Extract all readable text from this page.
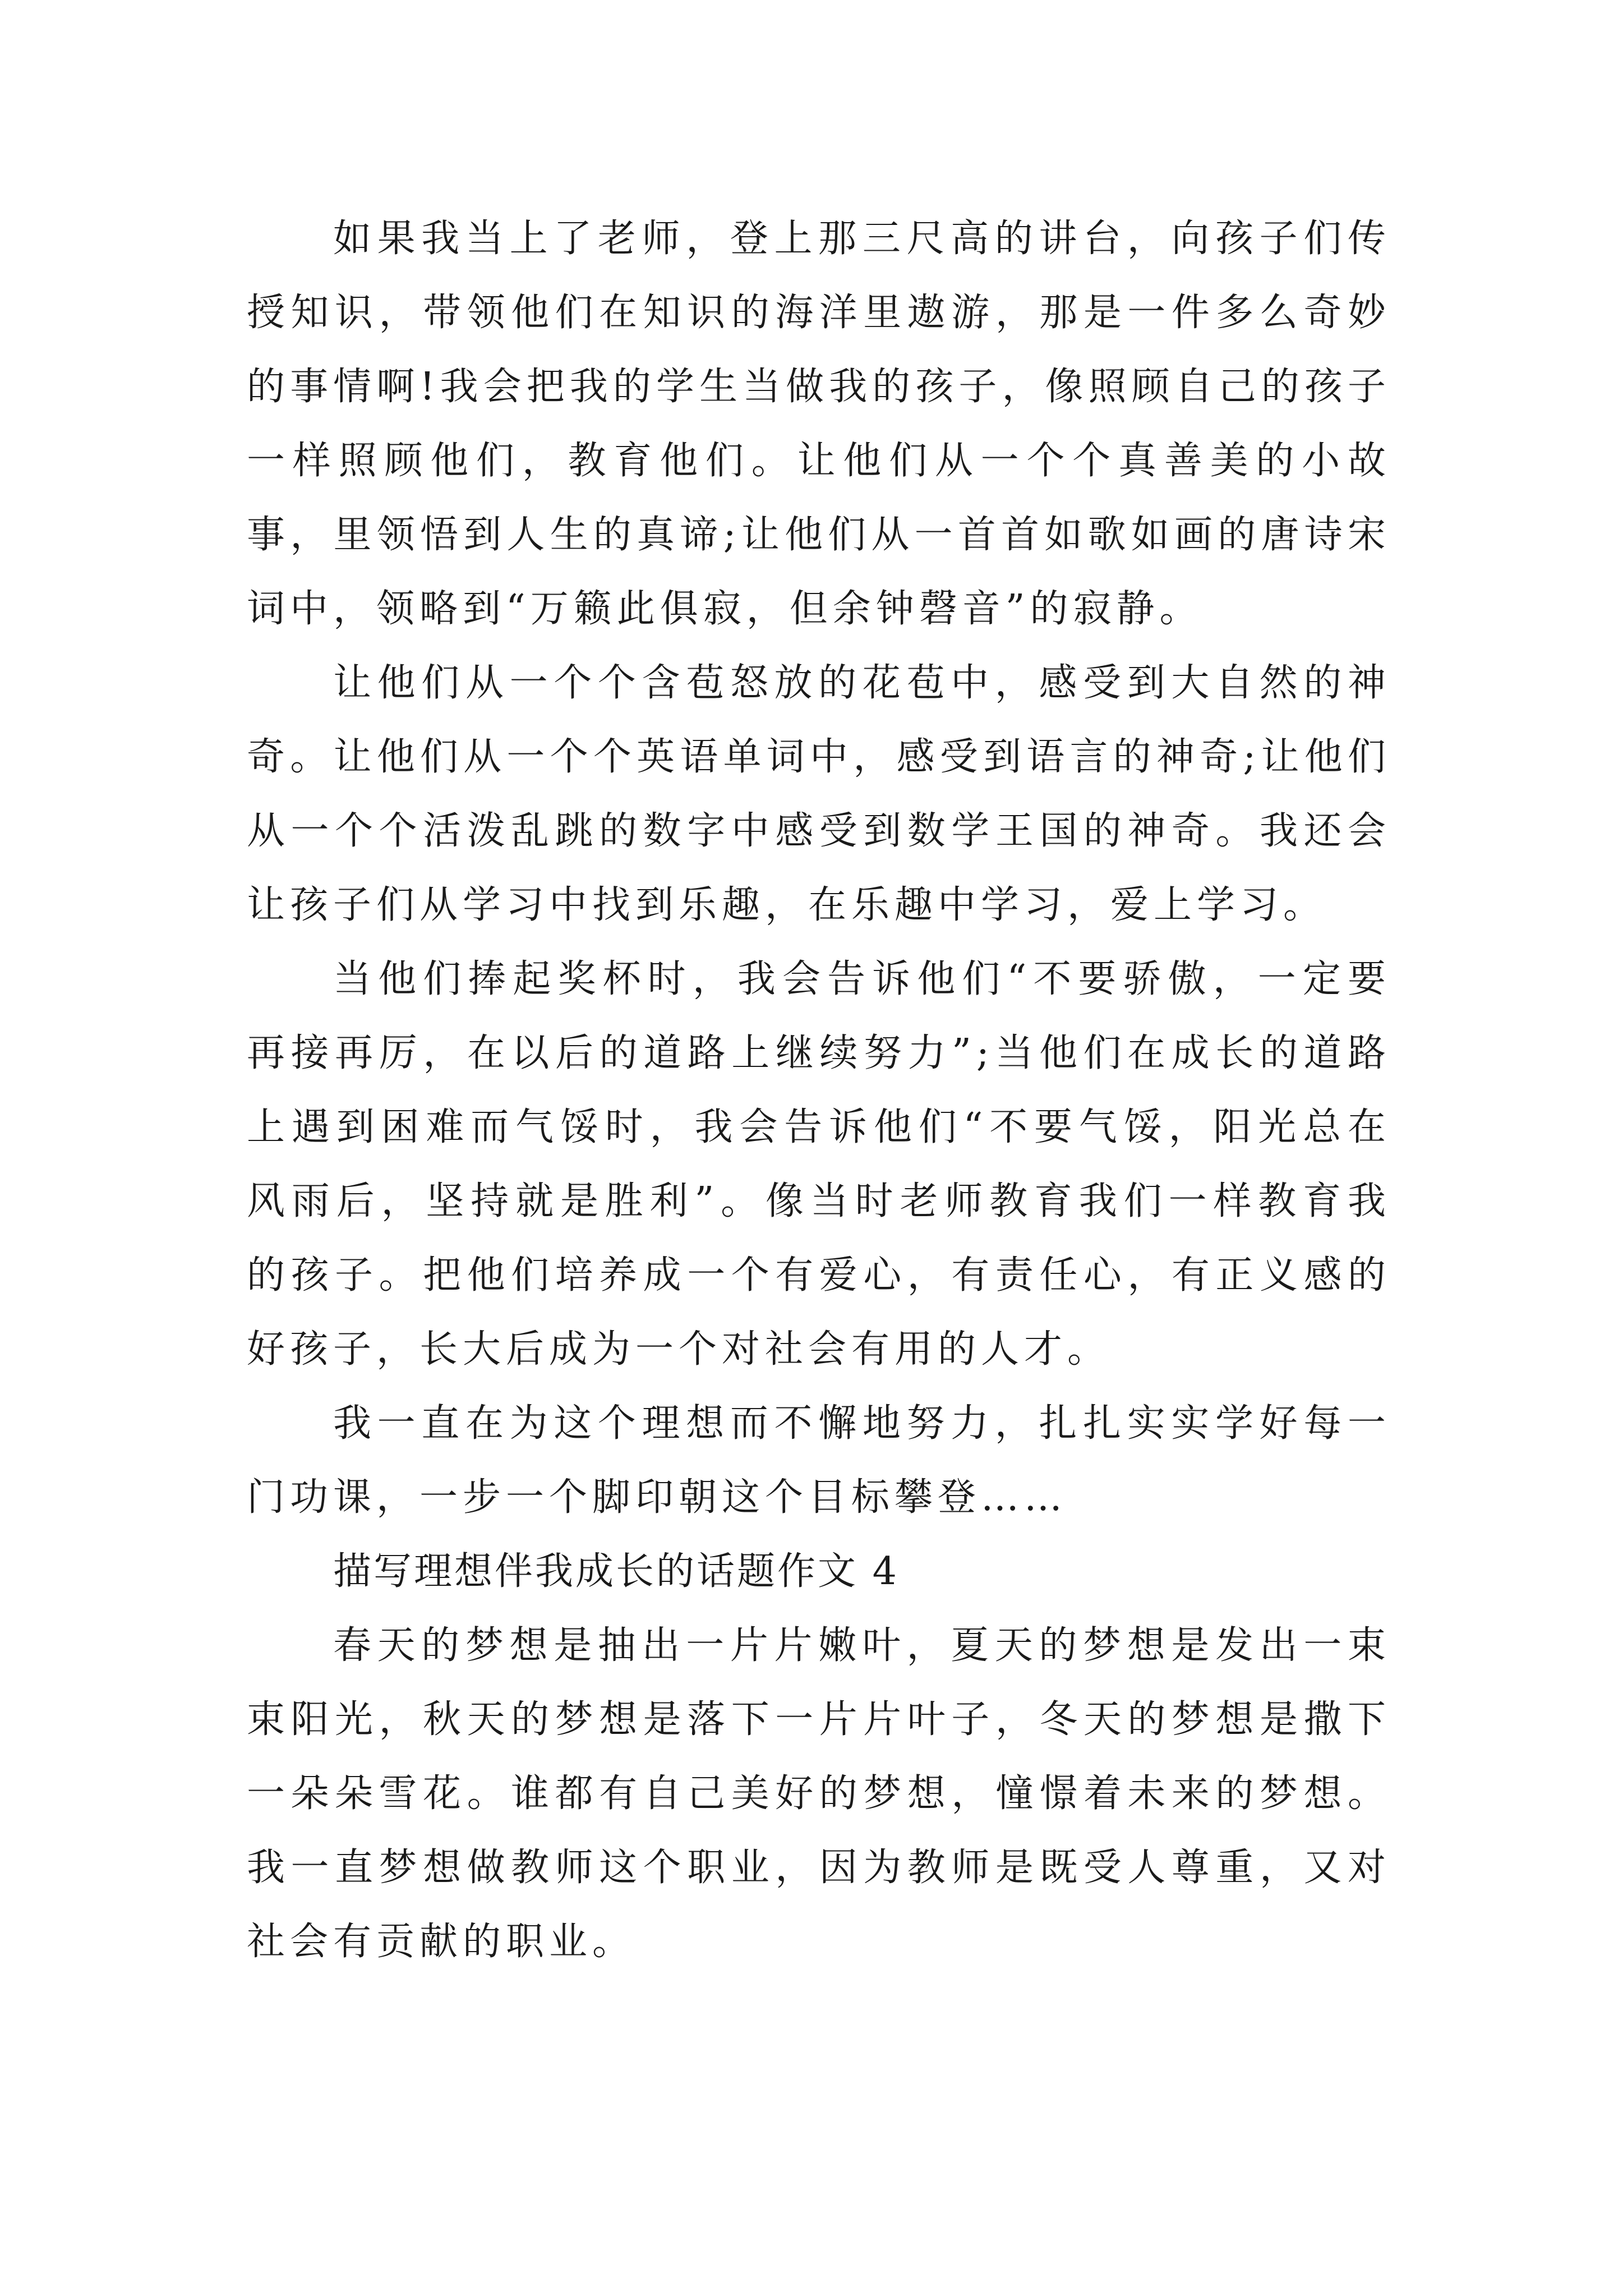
如果我当上了老师，登上那三尺高的讲台，向孩子们传授知识，带领他们在知识的海洋里遨游，那是一件多么奇妙的事情啊!我会把我的学生当做我的孩子，像照顾自己的孩子一样照顾他们，教育他们。让他们从一个个真善美的小故事，里领悟到人生的真谛;让他们从一首首如歌如画的唐诗宋词中，领略到“万籁此俱寂，但余钟磬音”的寂静。

让他们从一个个含苞怒放的花苞中，感受到大自然的神奇。让他们从一个个英语单词中，感受到语言的神奇;让他们从一个个活泼乱跳的数字中感受到数学王国的神奇。我还会让孩子们从学习中找到乐趣，在乐趣中学习，爱上学习。

当他们捧起奖杯时，我会告诉他们“不要骄傲，一定要再接再厉，在以后的道路上继续努力”;当他们在成长的道路上遇到困难而气馁时，我会告诉他们“不要气馁，阳光总在风雨后，坚持就是胜利”。像当时老师教育我们一样教育我的孩子。把他们培养成一个有爱心，有责任心，有正义感的好孩子，长大后成为一个对社会有用的人才。

我一直在为这个理想而不懈地努力，扎扎实实学好每一门功课，一步一个脚印朝这个目标攀登……

描写理想伴我成长的话题作文 4

春天的梦想是抽出一片片嫩叶，夏天的梦想是发出一束束阳光，秋天的梦想是落下一片片叶子，冬天的梦想是撒下一朵朵雪花。谁都有自己美好的梦想，憧憬着未来的梦想。我一直梦想做教师这个职业，因为教师是既受人尊重，又对社会有贡献的职业。
